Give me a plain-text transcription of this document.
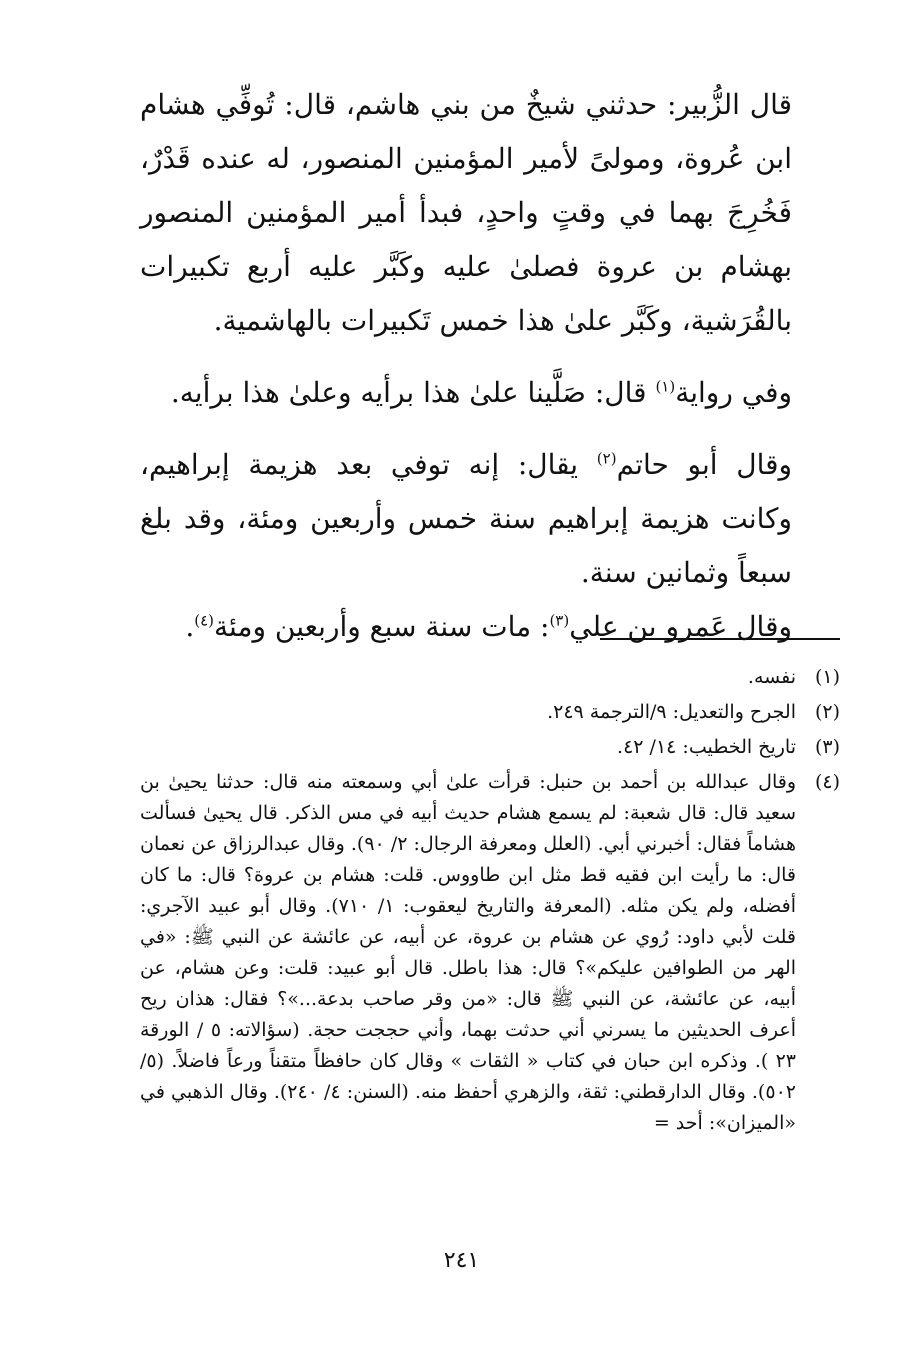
قال الزُّبير: حدثني شيخٌ من بني هاشم، قال: تُوفِّي هشام ابن عُروة، ومولىً لأمير المؤمنين المنصور، له عنده قَدْرٌ، فَخُرِجَ بهما في وقتٍ واحدٍ، فبدأ أمير المؤمنين المنصور بهشام بن عروة فصلىٰ عليه وكَبَّر عليه أربع تكبيرات بالقُرَشية، وكَبَّر علىٰ هذا خمس تَكبيرات بالهاشمية.

وفي رواية$^{(١)}$ قال: صَلَّينا علىٰ هذا برأيه وعلىٰ هذا برأيه.

وقال أبو حاتم$^{(٢)}$ يقال: إنه توفي بعد هزيمة إبراهيم، وكانت هزيمة إبراهيم سنة خمس وأربعين ومئة، وقد بلغ سبعاً وثمانين سنة.

وقال عَمرو بن علي$^{(٣)}$: مات سنة سبع وأربعين ومئة$^{(٤)}$.

(١)
نفسه.

(٢)
الجرح والتعديل: ٩/الترجمة ٢٤٩.

(٣)
تاريخ الخطيب: ١٤/ ٤٢.

(٤)
وقال عبدالله بن أحمد بن حنبل: قرأت علىٰ أبي وسمعته منه قال: حدثنا يحيىٰ بن سعيد قال: قال شعبة: لم يسمع هشام حديث أبيه في مس الذكر. قال يحيىٰ فسألت هشاماً فقال: أخبرني أبي. (العلل ومعرفة الرجال: ٢/ ٩٠). وقال عبدالرزاق عن نعمان قال: ما رأيت ابن فقيه قط مثل ابن طاووس. قلت: هشام بن عروة؟ قال: ما كان أفضله، ولم يكن مثله. (المعرفة والتاريخ ليعقوب: ١/ ٧١٠). وقال أبو عبيد الآجري: قلت لأبي داود: رُوي عن هشام بن عروة، عن أبيه، عن عائشة عن النبي ﷺ: «في الهر من الطوافين عليكم»؟ قال: هذا باطل. قال أبو عبيد: قلت: وعن هشام، عن أبيه، عن عائشة، عن النبي ﷺ قال: «من وقر صاحب بدعة...»؟ فقال: هذان ريح أعرف الحديثين ما يسرني أني حدثت بهما، وأني حججت حجة. (سؤالاته: ٥ / الورقة ٢٣ ). وذكره ابن حبان في كتاب « الثقات » وقال كان حافظاً متقناً ورعاً فاضلاً. (٥/ ٥٠٢). وقال الدارقطني: ثقة، والزهري أحفظ منه. (السنن: ٤/ ٢٤٠). وقال الذهبي في «الميزان»: أحد =

٢٤١
